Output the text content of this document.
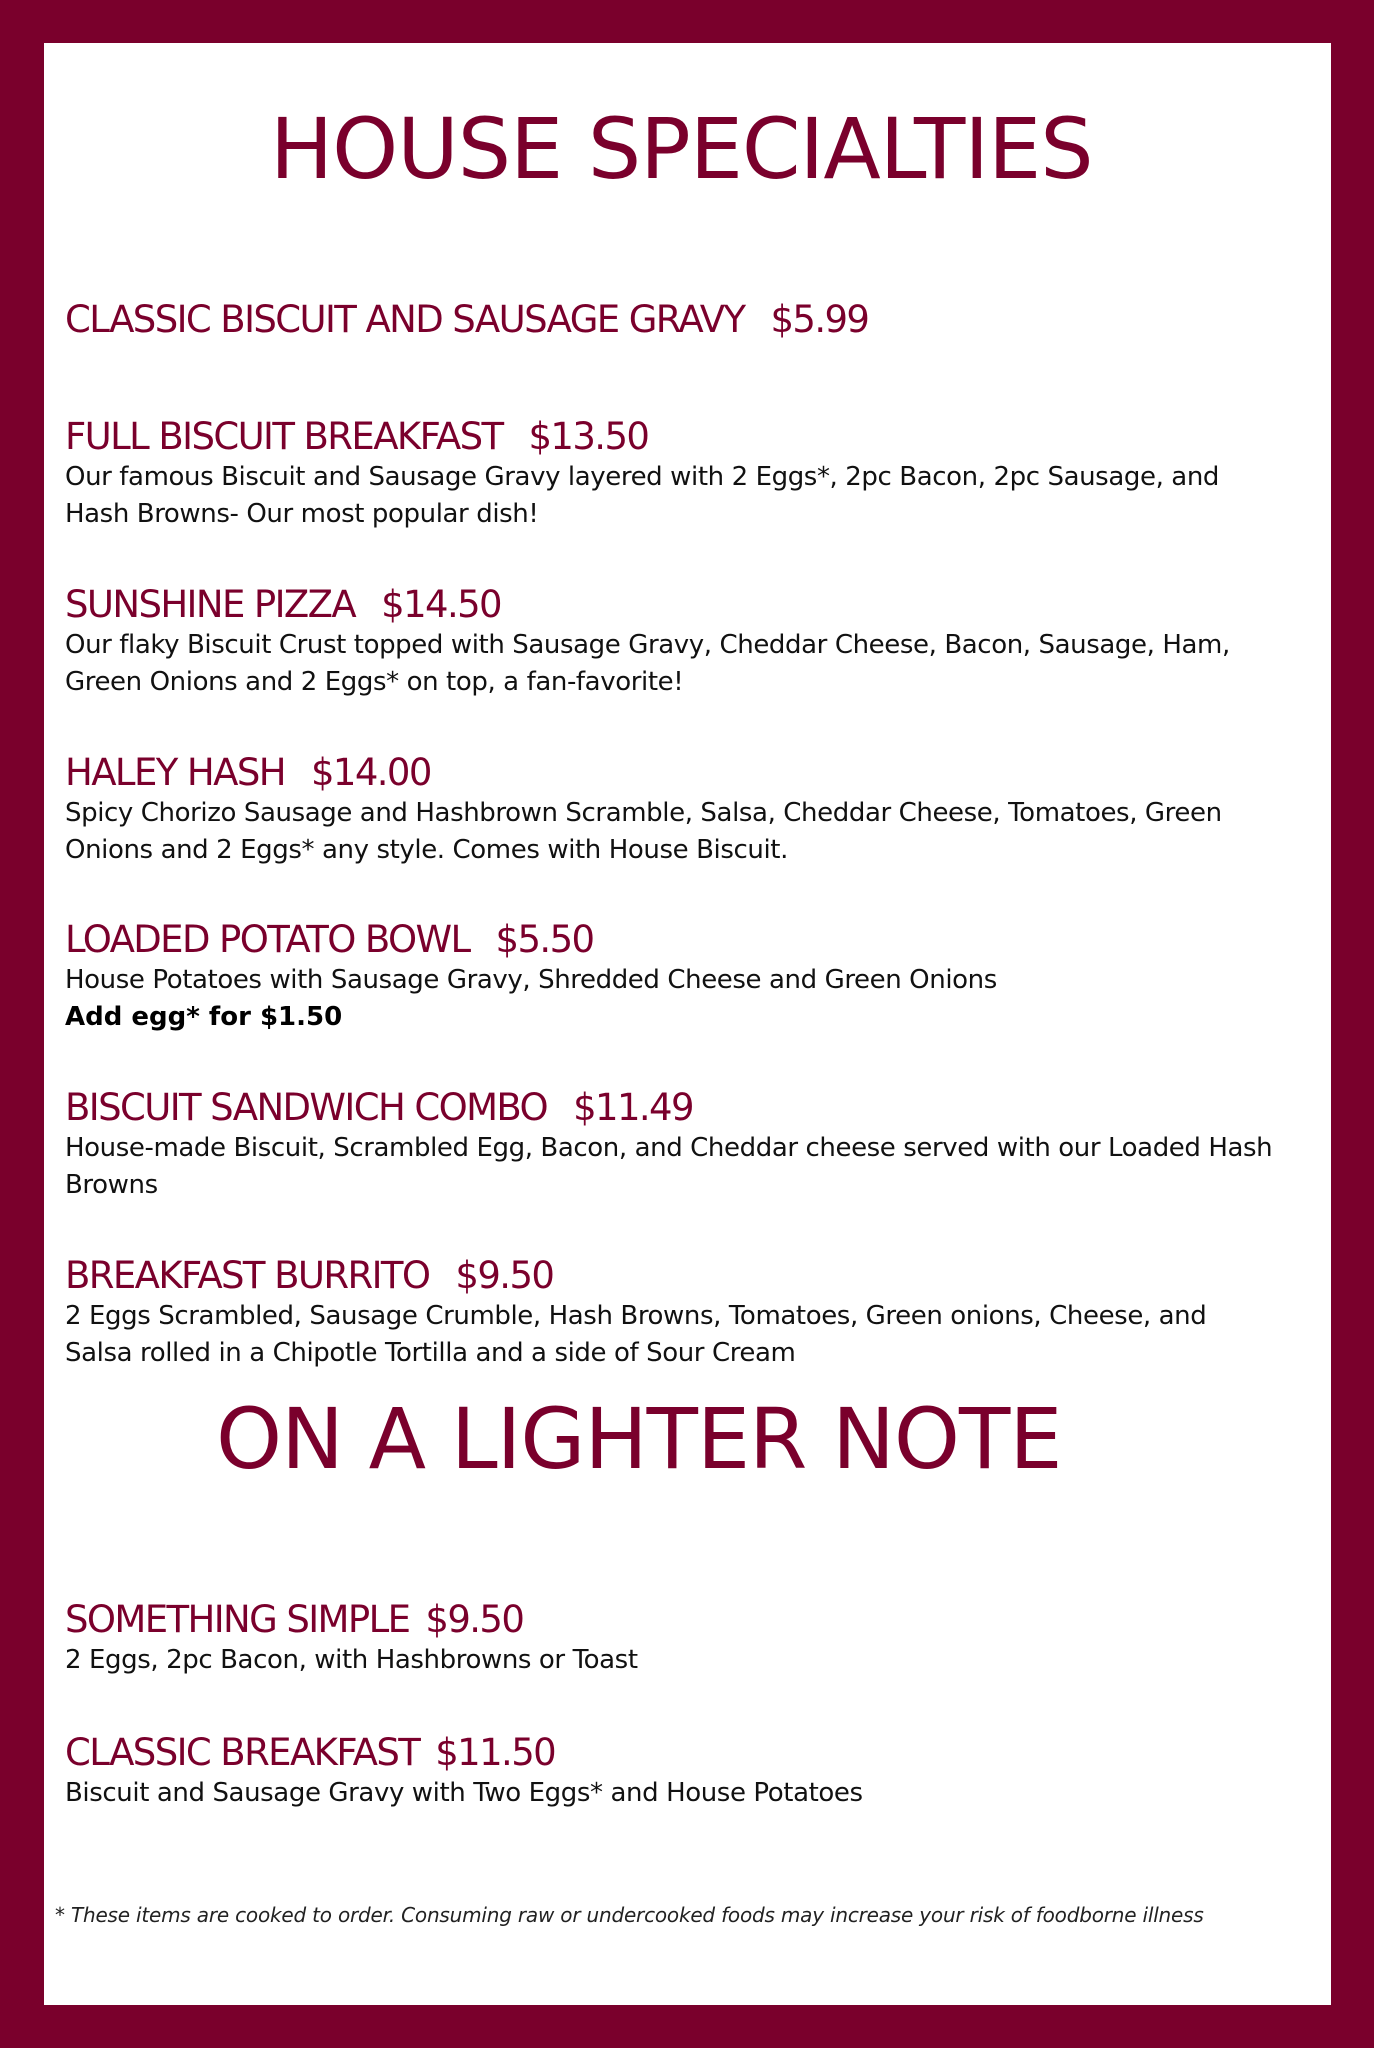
HOUSE SPECIALTIES
CLASSIC BISCUIT AND SAUSAGE GRAVY $5.99
FULL BISCUIT BREAKFAST $13.50
Our famous Biscuit and Sausage Gravy layered with 2 Eggs*, 2pc Bacon, 2pc Sausage, and Hash Browns- Our most popular dish!
SUNSHINE PIZZA $14.50
Our flaky Biscuit Crust topped with Sausage Gravy, Cheddar Cheese, Bacon, Sausage, Ham, Green Onions and 2 Eggs* on top, a fan-favorite!
HALEY HASH $14.00
Spicy Chorizo Sausage and Hashbrown Scramble, Salsa, Cheddar Cheese, Tomatoes, Green Onions and 2 Eggs* any style. Comes with House Biscuit.
LOADED POTATO BOWL $5.50
House Potatoes with Sausage Gravy, Shredded Cheese and Green Onions
Add egg* for $1.50
BISCUIT SANDWICH COMBO $11.49
House-made Biscuit, Scrambled Egg, Bacon, and Cheddar cheese served with our Loaded Hash Browns
BREAKFAST BURRITO $9.50
2 Eggs Scrambled, Sausage Crumble, Hash Browns, Tomatoes, Green onions, Cheese, and Salsa rolled in a Chipotle Tortilla and a side of Sour Cream
ON A LIGHTER NOTE
SOMETHING SIMPLE $9.50
2 Eggs, 2pc Bacon, with Hashbrowns or Toast
CLASSIC BREAKFAST $11.50
Biscuit and Sausage Gravy with Two Eggs* and House Potatoes
* These items are cooked to order. Consuming raw or undercooked foods may increase your risk of foodborne illness
